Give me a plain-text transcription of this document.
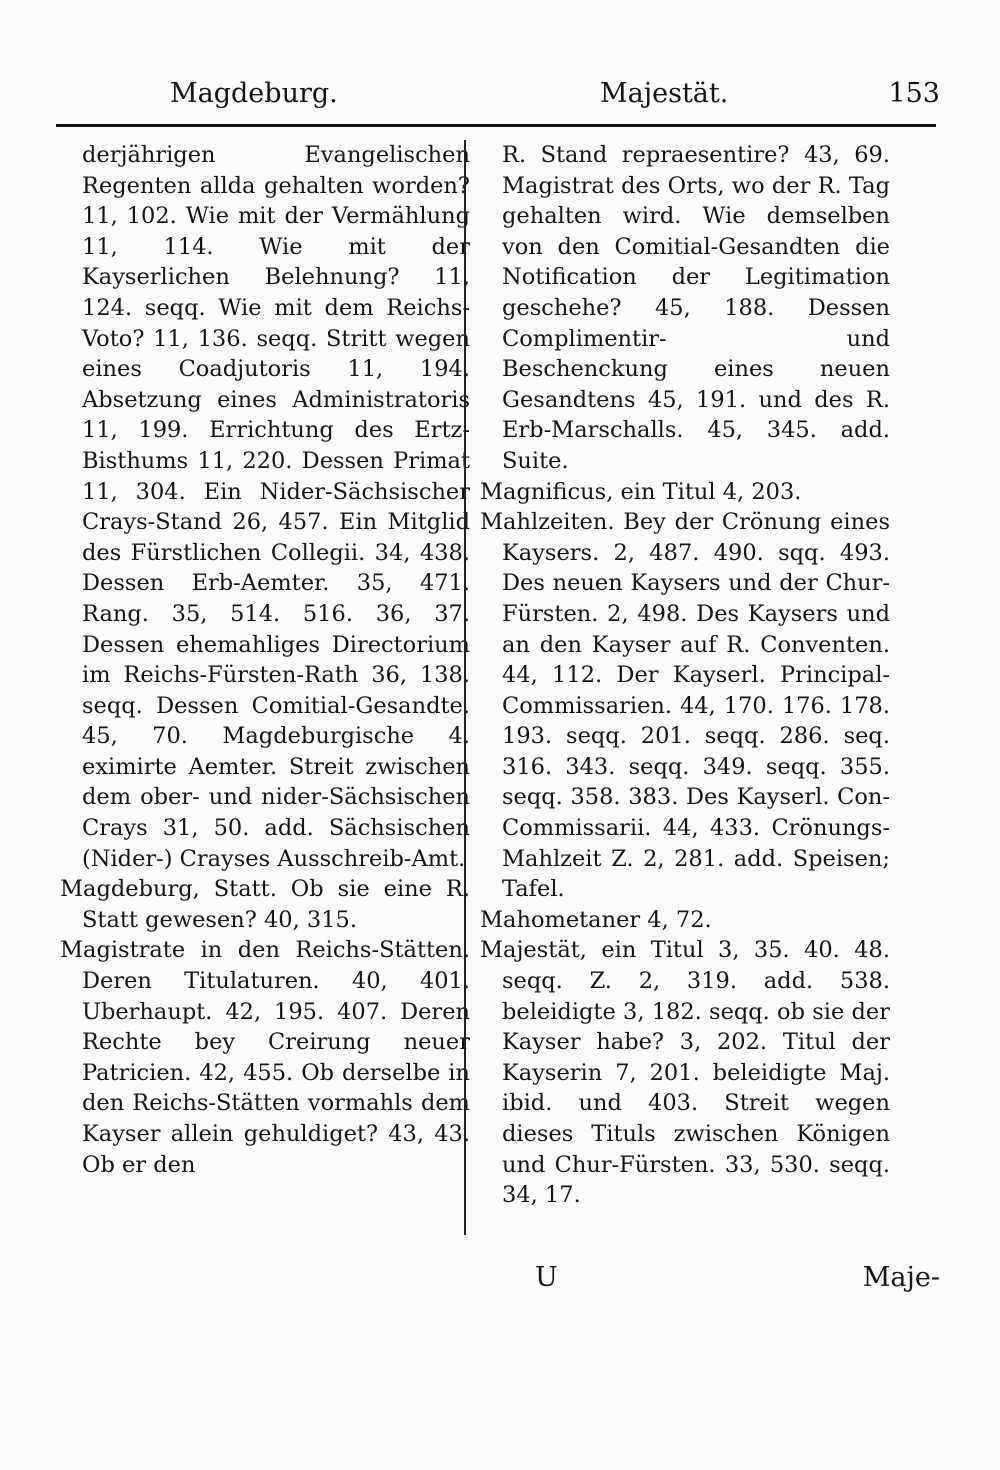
Magdeburg.	Majestät.	153

derjährigen Evangelischen Regenten allda gehalten worden? 11, 102. Wie mit der Vermählung 11, 114. Wie mit der Kayserlichen Belehnung? 11, 124. seqq. Wie mit dem Reichs-Voto? 11, 136. seqq. Stritt wegen eines Coadjutoris 11, 194. Absetzung eines Administratoris 11, 199. Errichtung des Ertz-Bisthums 11, 220. Dessen Primat 11, 304. Ein Nider-Sächsischer Crays-Stand 26, 457. Ein Mitglid des Fürstlichen Collegii. 34, 438. Dessen Erb-Aemter. 35, 471. Rang. 35, 514. 516. 36, 37. Dessen ehemahliges Directorium im Reichs-Fürsten-Rath 36, 138. seqq. Dessen Comitial-Gesandte. 45, 70. Magdeburgische 4. eximirte Aemter. Streit zwischen dem ober- und nider-Sächsischen Crays 31, 50. add. Sächsischen (Nider-) Crayses Ausschreib-Amt.

Magdeburg, Statt. Ob sie eine R. Statt gewesen? 40, 315.

Magistrate in den Reichs-Stätten. Deren Titulaturen. 40, 401. Uberhaupt. 42, 195. 407. Deren Rechte bey Creirung neuer Patricien. 42, 455. Ob derselbe in den Reichs-Stätten vormahls dem Kayser allein gehuldiget? 43, 43. Ob er den

R. Stand repraesentire? 43, 69. Magistrat des Orts, wo der R. Tag gehalten wird. Wie demselben von den Comitial-Gesandten die Notification der Legitimation geschehe? 45, 188. Dessen Complimentir- und Beschenckung eines neuen Gesandtens 45, 191. und des R. Erb-Marschalls. 45, 345. add. Suite.

Magnificus, ein Titul 4, 203.

Mahlzeiten. Bey der Crönung eines Kaysers. 2, 487. 490. sqq. 493. Des neuen Kaysers und der Chur-Fürsten. 2, 498. Des Kaysers und an den Kayser auf R. Conventen. 44, 112. Der Kayserl. Principal-Commissarien. 44, 170. 176. 178. 193. seqq. 201. seqq. 286. seq. 316. 343. seqq. 349. seqq. 355. seqq. 358. 383. Des Kayserl. Con-Commissarii. 44, 433. Crönungs-Mahlzeit Z. 2, 281. add. Speisen; Tafel.

Mahometaner 4, 72.

Majestät, ein Titul 3, 35. 40. 48. seqq. Z. 2, 319. add. 538. beleidigte 3, 182. seqq. ob sie der Kayser habe? 3, 202. Titul der Kayserin 7, 201. beleidigte Maj. ibid. und 403. Streit wegen dieses Tituls zwischen Königen und Chur-Fürsten. 33, 530. seqq. 34, 17.

U	Maje-
